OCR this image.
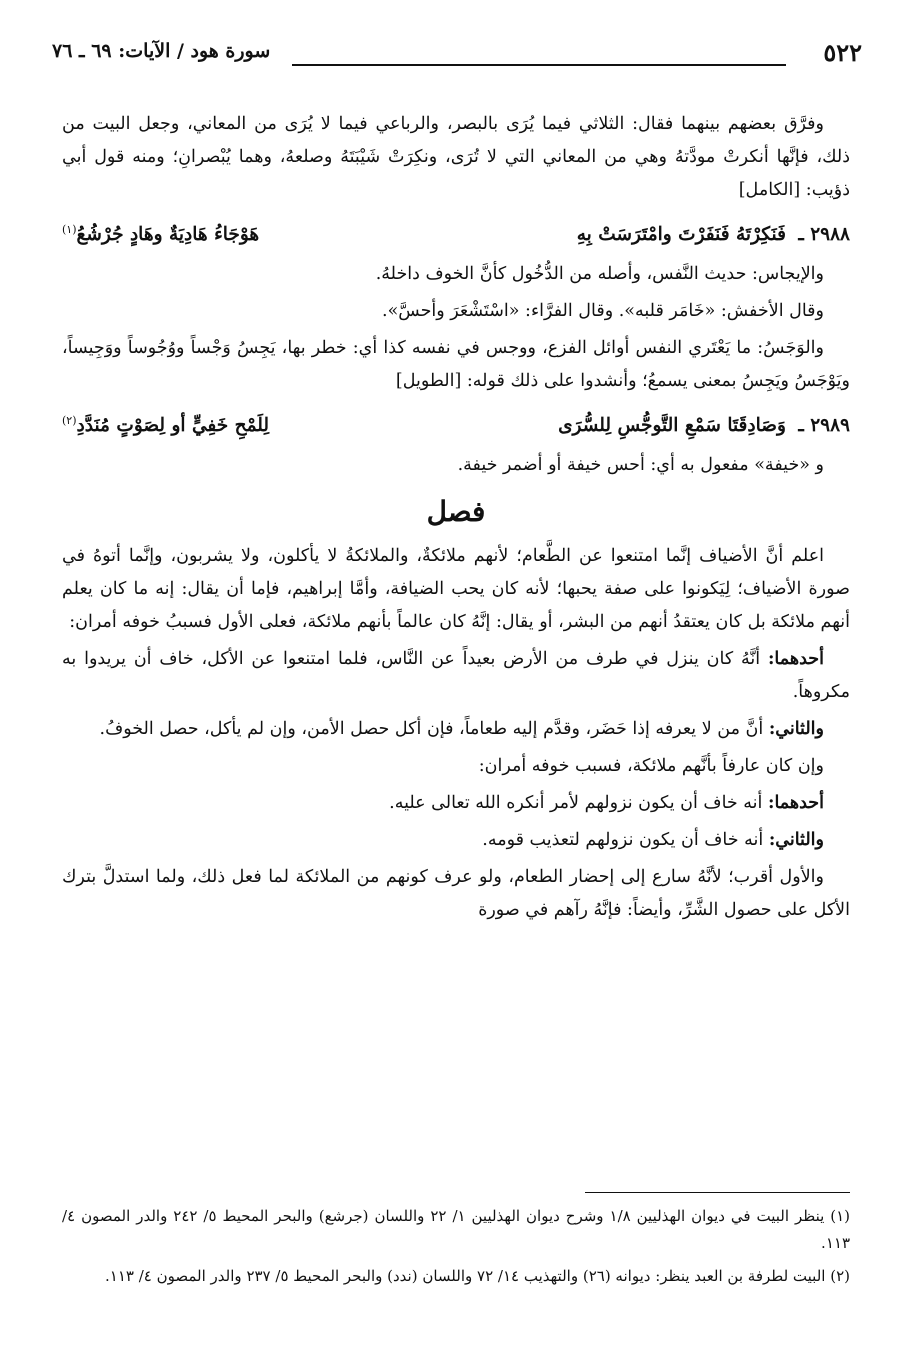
٥٢٢
سورة هود / الآيات: ٦٩ ـ ٧٦

وفرَّق بعضهم بينهما فقال: الثلاثي فيما يُرَى بالبصر، والرباعي فيما لا يُرَى من المعاني، وجعل البيت من ذلك، فإنَّها أنكرتْ مودَّتهُ وهي من المعاني التي لا تُرَى، ونكِرَتْ شَيْبَتَهُ وصلعهُ، وهما يُبْصرانِ؛ ومنه قول أبي ذؤيب: [الكامل]

٢٩٨٨ ـ فَنَكِرْتَهُ فَنَفَرْتَ وامْتَرَسَتْ بِهِ
هَوْجَاءُ هَادِيَةٌ وهَادٍ جُرْشُعُ$^{(١)}$

والإيجاس: حديث النَّفس، وأصله من الدُّخُول كأنَّ الخوف داخلهُ.

وقال الأخفش: «خَامَر قلبه». وقال الفرَّاء: «اسْتَشْعَرَ وأحسَّ».

والوَجَسُ: ما يَعْتَري النفس أوائل الفزع، ووجس في نفسه كذا أي: خطر بها، يَجِسُ وَجْساً ووُجُوساً ووَجِيساً، ويَوْجَسُ ويَجِسُ بمعنى يسمعُ؛ وأنشدوا على ذلك قوله: [الطويل]

٢٩٨٩ ـ وَصَادِقَتَا سَمْعِ التَّوجُّسِ لِلسُّرَى
لِلَمْحِ خَفِيٍّ أو لِصَوْتٍ مُنَدَّدِ$^{(٢)}$

و «خيفة» مفعول به أي: أحس خيفة أو أضمر خيفة.

فصل

اعلم أنَّ الأضياف إنَّما امتنعوا عن الطَّعام؛ لأنهم ملائكةٌ، والملائكةُ لا يأكلون، ولا يشربون، وإنَّما أتوهُ في صورة الأضياف؛ لِيَكونوا على صفة يحبها؛ لأنه كان يحب الضيافة، وأمَّا إبراهيم، فإما أن يقال: إنه ما كان يعلم أنهم ملائكة بل كان يعتقدُ أنهم من البشر، أو يقال: إنَّهُ كان عالماً بأنهم ملائكة، فعلى الأول فسببُ خوفه أمران:

أحدهما: أنَّهُ كان ينزل في طرف من الأرض بعيداً عن النَّاس، فلما امتنعوا عن الأكل، خاف أن يريدوا به مكروهاً.

والثاني: أنَّ من لا يعرفه إذا حَضَر، وقدَّم إليه طعاماً، فإن أكل حصل الأمن، وإن لم يأكل، حصل الخوفُ.

وإن كان عارفاً بأنَّهم ملائكة، فسبب خوفه أمران:

أحدهما: أنه خاف أن يكون نزولهم لأمر أنكره الله تعالى عليه.

والثاني: أنه خاف أن يكون نزولهم لتعذيب قومه.

والأول أقرب؛ لأنَّهُ سارع إلى إحضار الطعام، ولو عرف كونهم من الملائكة لما فعل ذلك، ولما استدلَّ بترك الأكل على حصول الشَّرِّ، وأيضاً: فإنَّهُ رآهم في صورة

(١) ينظر البيت في ديوان الهذليين ١/٨ وشرح ديوان الهذليين ١/ ٢٢ واللسان (جرشع) والبحر المحيط ٥/ ٢٤٢ والدر المصون ٤/ ١١٣.

(٢) البيت لطرفة بن العبد ينظر: ديوانه (٢٦) والتهذيب ١٤/ ٧٢ واللسان (ندد) والبحر المحيط ٥/ ٢٣٧ والدر المصون ٤/ ١١٣.
